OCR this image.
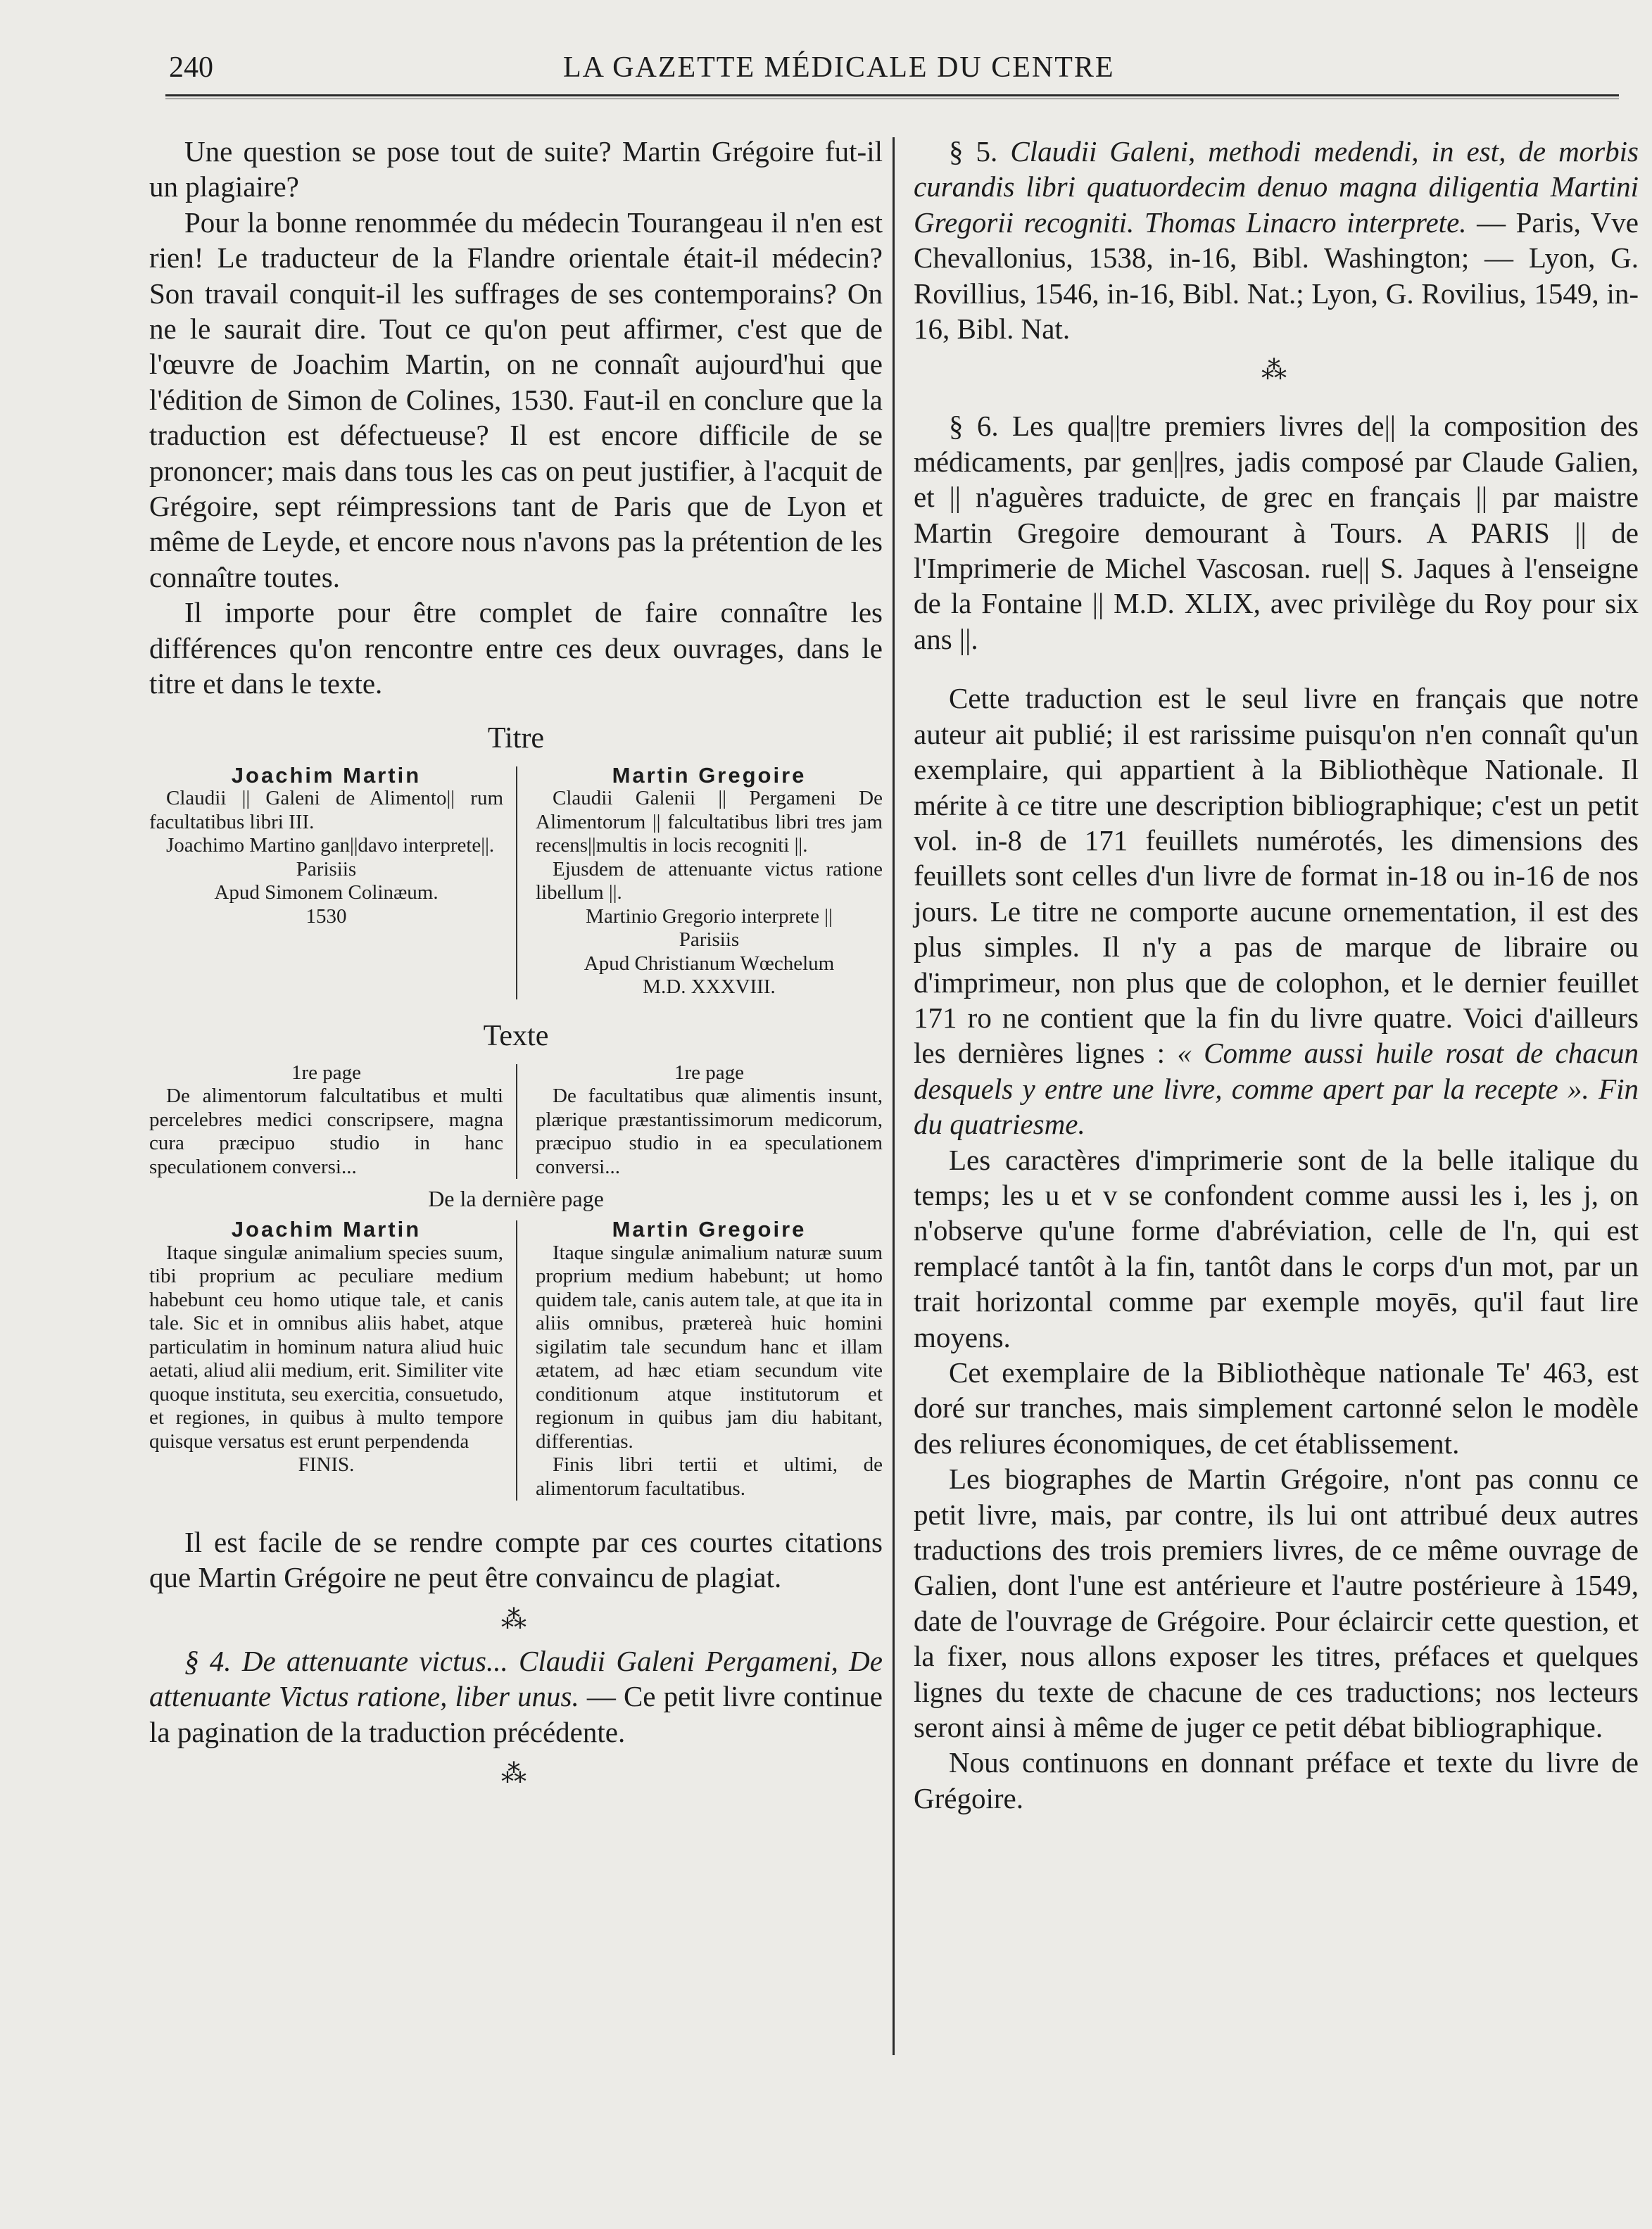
240	LA GAZETTE MÉDICALE DU CENTRE

Une question se pose tout de suite? Martin Grégoire fut-il un plagiaire?

Pour la bonne renommée du médecin Tourangeau il n'en est rien! Le traducteur de la Flandre orientale était-il médecin? Son travail conquit-il les suffrages de ses contemporains? On ne le saurait dire. Tout ce qu'on peut affirmer, c'est que de l'œuvre de Joachim Martin, on ne connaît aujourd'hui que l'édition de Simon de Colines, 1530. Faut-il en conclure que la traduction est défectueuse? Il est encore difficile de se prononcer; mais dans tous les cas on peut justifier, à l'acquit de Grégoire, sept réimpressions tant de Paris que de Lyon et même de Leyde, et encore nous n'avons pas la prétention de les connaître toutes.

Il importe pour être complet de faire connaître les différences qu'on rencontre entre ces deux ouvrages, dans le titre et dans le texte.

Titre
Joachim Martin
Claudii || Galeni de Alimento|| rum facultatibus libri III.
Joachimo Martino gan||davo interprete||.
Parisiis
Apud Simonem Colinæum.
1530
Martin Gregoire
Claudii Galenii || Pergameni De Alimentorum || falcultatibus libri tres jam recens||multis in locis recogniti ||.
Ejusdem de attenuante victus ratione libellum ||.
Martinio Gregorio interprete ||
Parisiis
Apud Christianum Wœchelum
M.D. XXXVIII.
Texte
1re page
De alimentorum falcultatibus et multi percelebres medici conscripsere, magna cura præcipuo studio in hanc speculationem conversi...
1re page
De facultatibus quæ alimentis insunt, plærique præstantissimorum medicorum, præcipuo studio in ea speculationem conversi...
De la dernière page
Joachim Martin
Itaque singulæ animalium species suum, tibi proprium ac peculiare medium habebunt ceu homo utique tale, et canis tale. Sic et in omnibus aliis habet, atque particulatim in hominum natura aliud huic aetati, aliud alii medium, erit. Similiter vite quoque instituta, seu exercitia, consuetudo, et regiones, in quibus à multo tempore quisque versatus est erunt perpendenda
FINIS.
Martin Gregoire
Itaque singulæ animalium naturæ suum proprium medium habebunt; ut homo quidem tale, canis autem tale, at que ita in aliis omnibus, prætereà huic homini sigilatim tale secundum hanc et illam ætatem, ad hæc etiam secundum vite conditionum atque institutorum et regionum in quibus jam diu habitant, differentias.
Finis libri tertii et ultimi, de alimentorum facultatibus.

Il est facile de se rendre compte par ces courtes citations que Martin Grégoire ne peut être convaincu de plagiat.

⁂

§ 4. De attenuante victus... Claudii Galeni Pergameni, De attenuante Victus ratione, liber unus. — Ce petit livre continue la pagination de la traduction précédente.

⁂

§ 5. Claudii Galeni, methodi medendi, in est, de morbis curandis libri quatuordecim denuo magna diligentia Martini Gregorii recogniti. Thomas Linacro interprete. — Paris, Vve Chevallonius, 1538, in-16, Bibl. Washington; — Lyon, G. Rovillius, 1546, in-16, Bibl. Nat.; Lyon, G. Rovilius, 1549, in-16, Bibl. Nat.

⁂

§ 6. Les qua||tre premiers livres de|| la composition des médicaments, par gen||res, jadis composé par Claude Galien, et || n'aguères traduicte, de grec en français || par maistre Martin Gregoire demourant à Tours. A PARIS || de l'Imprimerie de Michel Vascosan. rue|| S. Jaques à l'enseigne de la Fontaine || M.D. XLIX, avec privilège du Roy pour six ans ||.

Cette traduction est le seul livre en français que notre auteur ait publié; il est rarissime puisqu'on n'en connaît qu'un exemplaire, qui appartient à la Bibliothèque Nationale. Il mérite à ce titre une description bibliographique; c'est un petit vol. in-8 de 171 feuillets numérotés, les dimensions des feuillets sont celles d'un livre de format in-18 ou in-16 de nos jours. Le titre ne comporte aucune ornementation, il est des plus simples. Il n'y a pas de marque de libraire ou d'imprimeur, non plus que de colophon, et le dernier feuillet 171 ro ne contient que la fin du livre quatre. Voici d'ailleurs les dernières lignes : « Comme aussi huile rosat de chacun desquels y entre une livre, comme apert par la recepte ». Fin du quatriesme.

Les caractères d'imprimerie sont de la belle italique du temps; les u et v se confondent comme aussi les i, les j, on n'observe qu'une forme d'abréviation, celle de l'n, qui est remplacé tantôt à la fin, tantôt dans le corps d'un mot, par un trait horizontal comme par exemple moyēs, qu'il faut lire moyens.

Cet exemplaire de la Bibliothèque nationale Te' 463, est doré sur tranches, mais simplement cartonné selon le modèle des reliures économiques, de cet établissement.

Les biographes de Martin Grégoire, n'ont pas connu ce petit livre, mais, par contre, ils lui ont attribué deux autres traductions des trois premiers livres, de ce même ouvrage de Galien, dont l'une est antérieure et l'autre postérieure à 1549, date de l'ouvrage de Grégoire. Pour éclaircir cette question, et la fixer, nous allons exposer les titres, préfaces et quelques lignes du texte de chacune de ces traductions; nos lecteurs seront ainsi à même de juger ce petit débat bibliographique.

Nous continuons en donnant préface et texte du livre de Grégoire.
